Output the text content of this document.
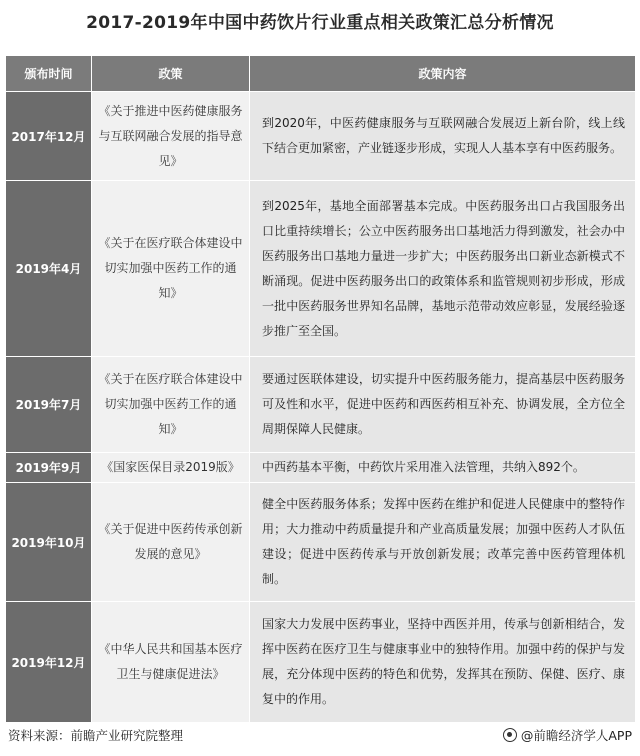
2017-2019年中国中药饮片行业重点相关政策汇总分析情况
颁布时间	政策	政策内容
2017年12月	《关于推进中医药健康服务与互联网融合发展的指导意见》	到2020年，中医药健康服务与互联网融合发展迈上新台阶，线上线下结合更加紧密，产业链逐步形成，实现人人基本享有中医药服务。
2019年4月	《关于在医疗联合体建设中切实加强中医药工作的通知》	到2025年，基地全面部署基本完成。中医药服务出口占我国服务出口比重持续增长；公立中医药服务出口基地活力得到激发，社会办中医药服务出口基地力量进一步扩大；中医药服务出口新业态新模式不断涌现。促进中医药服务出口的政策体系和监管规则初步形成，形成一批中医药服务世界知名品牌，基地示范带动效应彰显，发展经验逐步推广至全国。
2019年7月	《关于在医疗联合体建设中切实加强中医药工作的通知》	要通过医联体建设，切实提升中医药服务能力，提高基层中医药服务可及性和水平，促进中医药和西医药相互补充、协调发展，全方位全周期保障人民健康。
2019年9月	《国家医保目录2019版》	中西药基本平衡，中药饮片采用准入法管理，共纳入892个。
2019年10月	《关于促进中医药传承创新发展的意见》	健全中医药服务体系；发挥中医药在维护和促进人民健康中的整特作用；大力推动中药质量提升和产业高质量发展；加强中医药人才队伍建设；促进中医药传承与开放创新发展；改革完善中医药管理体机制。
2019年12月	《中华人民共和国基本医疗卫生与健康促进法》	国家大力发展中医药事业，坚持中西医并用，传承与创新相结合，发挥中医药在医疗卫生与健康事业中的独特作用。加强中药的保护与发展，充分体现中医药的特色和优势，发挥其在预防、保健、医疗、康复中的作用。
资料来源：前瞻产业研究院整理	@前瞻经济学人APP
